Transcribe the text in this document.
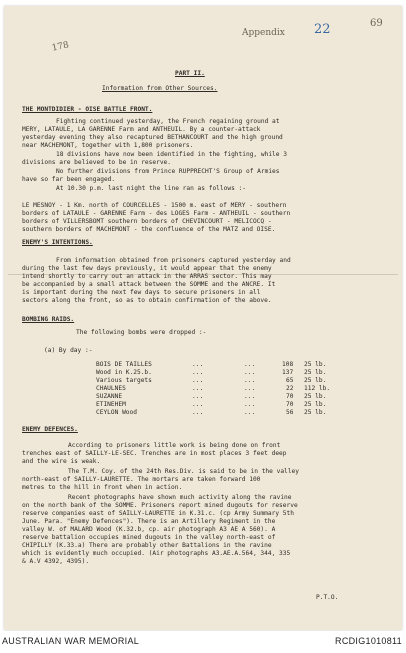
178
Appendix 22	69
PART II.
Information from Other Sources.
THE MONTDIDIER - OISE BATTLE FRONT.
Fighting continued yesterday, the French regaining ground at
MERY, LATAULE, LA GARENNE Farm and ANTHEUIL. By a counter-attack
yesterday evening they also recaptured BETHANCOURT and the high ground
near MACHEMONT, together with 1,800 prisoners.
18 divisions have now been identified in the fighting, while 3
divisions are believed to be in reserve.
No further divisions from Prince RUPPRECHT'S Group of Armies
have so far been engaged.
At 10.30 p.m. last night the line ran as follows :-
LE MESNOY - 1 Km. north of COURCELLES - 1500 m. east of MERY - southern
borders of LATAULE - GARENNE Farm - des LOGES Farm - ANTHEUIL - southern
borders of VILLERSBOMT southern borders of CHEVINCOURT - MELICOCQ -
southern borders of MACHEMONT - the confluence of the MATZ and OISE.
ENEMY'S INTENTIONS.
From information obtained from prisoners captured yesterday and
during the last few days previously, it would appear that the enemy
intend shortly to carry out an attack in the ARRAS sector. This may
be accompanied by a small attack between the SOMME and the ANCRE. It
is important during the next few days to secure prisoners in all
sectors along the front, so as to obtain confirmation of the above.
BOMBING RAIDS.
The following bombs were dropped :-
(a) By day :-
BOIS DE TAILLES	...	...	108 25 lb.
Wood in K.25.b.	...	...	137 25 lb.
Various targets	...	...	65 25 lb.
CHAULNES	...	...	22 112 lb.
SUZANNE	...	...	70 25 lb.
ETINEHEM	...	...	70 25 lb.
CEYLON Wood	...	...	56 25 lb.
ENEMY DEFENCES.
According to prisoners little work is being done on front
trenches east of SAILLY-LE-SEC. Trenches are in most places 3 feet deep
and the wire is weak.
The T.M. Coy. of the 24th Res.Div. is said to be in the valley
north-east of SAILLY-LAURETTE. The mortars are taken forward 100
metres to the hill in front when in action.
Recent photographs have shown much activity along the ravine
on the north bank of the SOMME. Prisoners report mined dugouts for reserve
reserve companies east of SAILLY-LAURETTE in K.31.c. (cp Army Summary 5th
June. Para. "Enemy Defences"). There is an Artillery Regiment in the
valley W. of MALARD Wood (K.32.b, cp. air photograph A3 AE A 560). A
reserve battalion occupies mined dugouts in the valley north-east of
CHIPILLY (K.33.a) There are probably other Battalions in the ravine
which is evidently much occupied. (Air photographs A3.AE.A.564, 344, 335
& A.V 4392, 4395).
P.T.O.
AUSTRALIAN WAR MEMORIAL	RCDIG1010811
